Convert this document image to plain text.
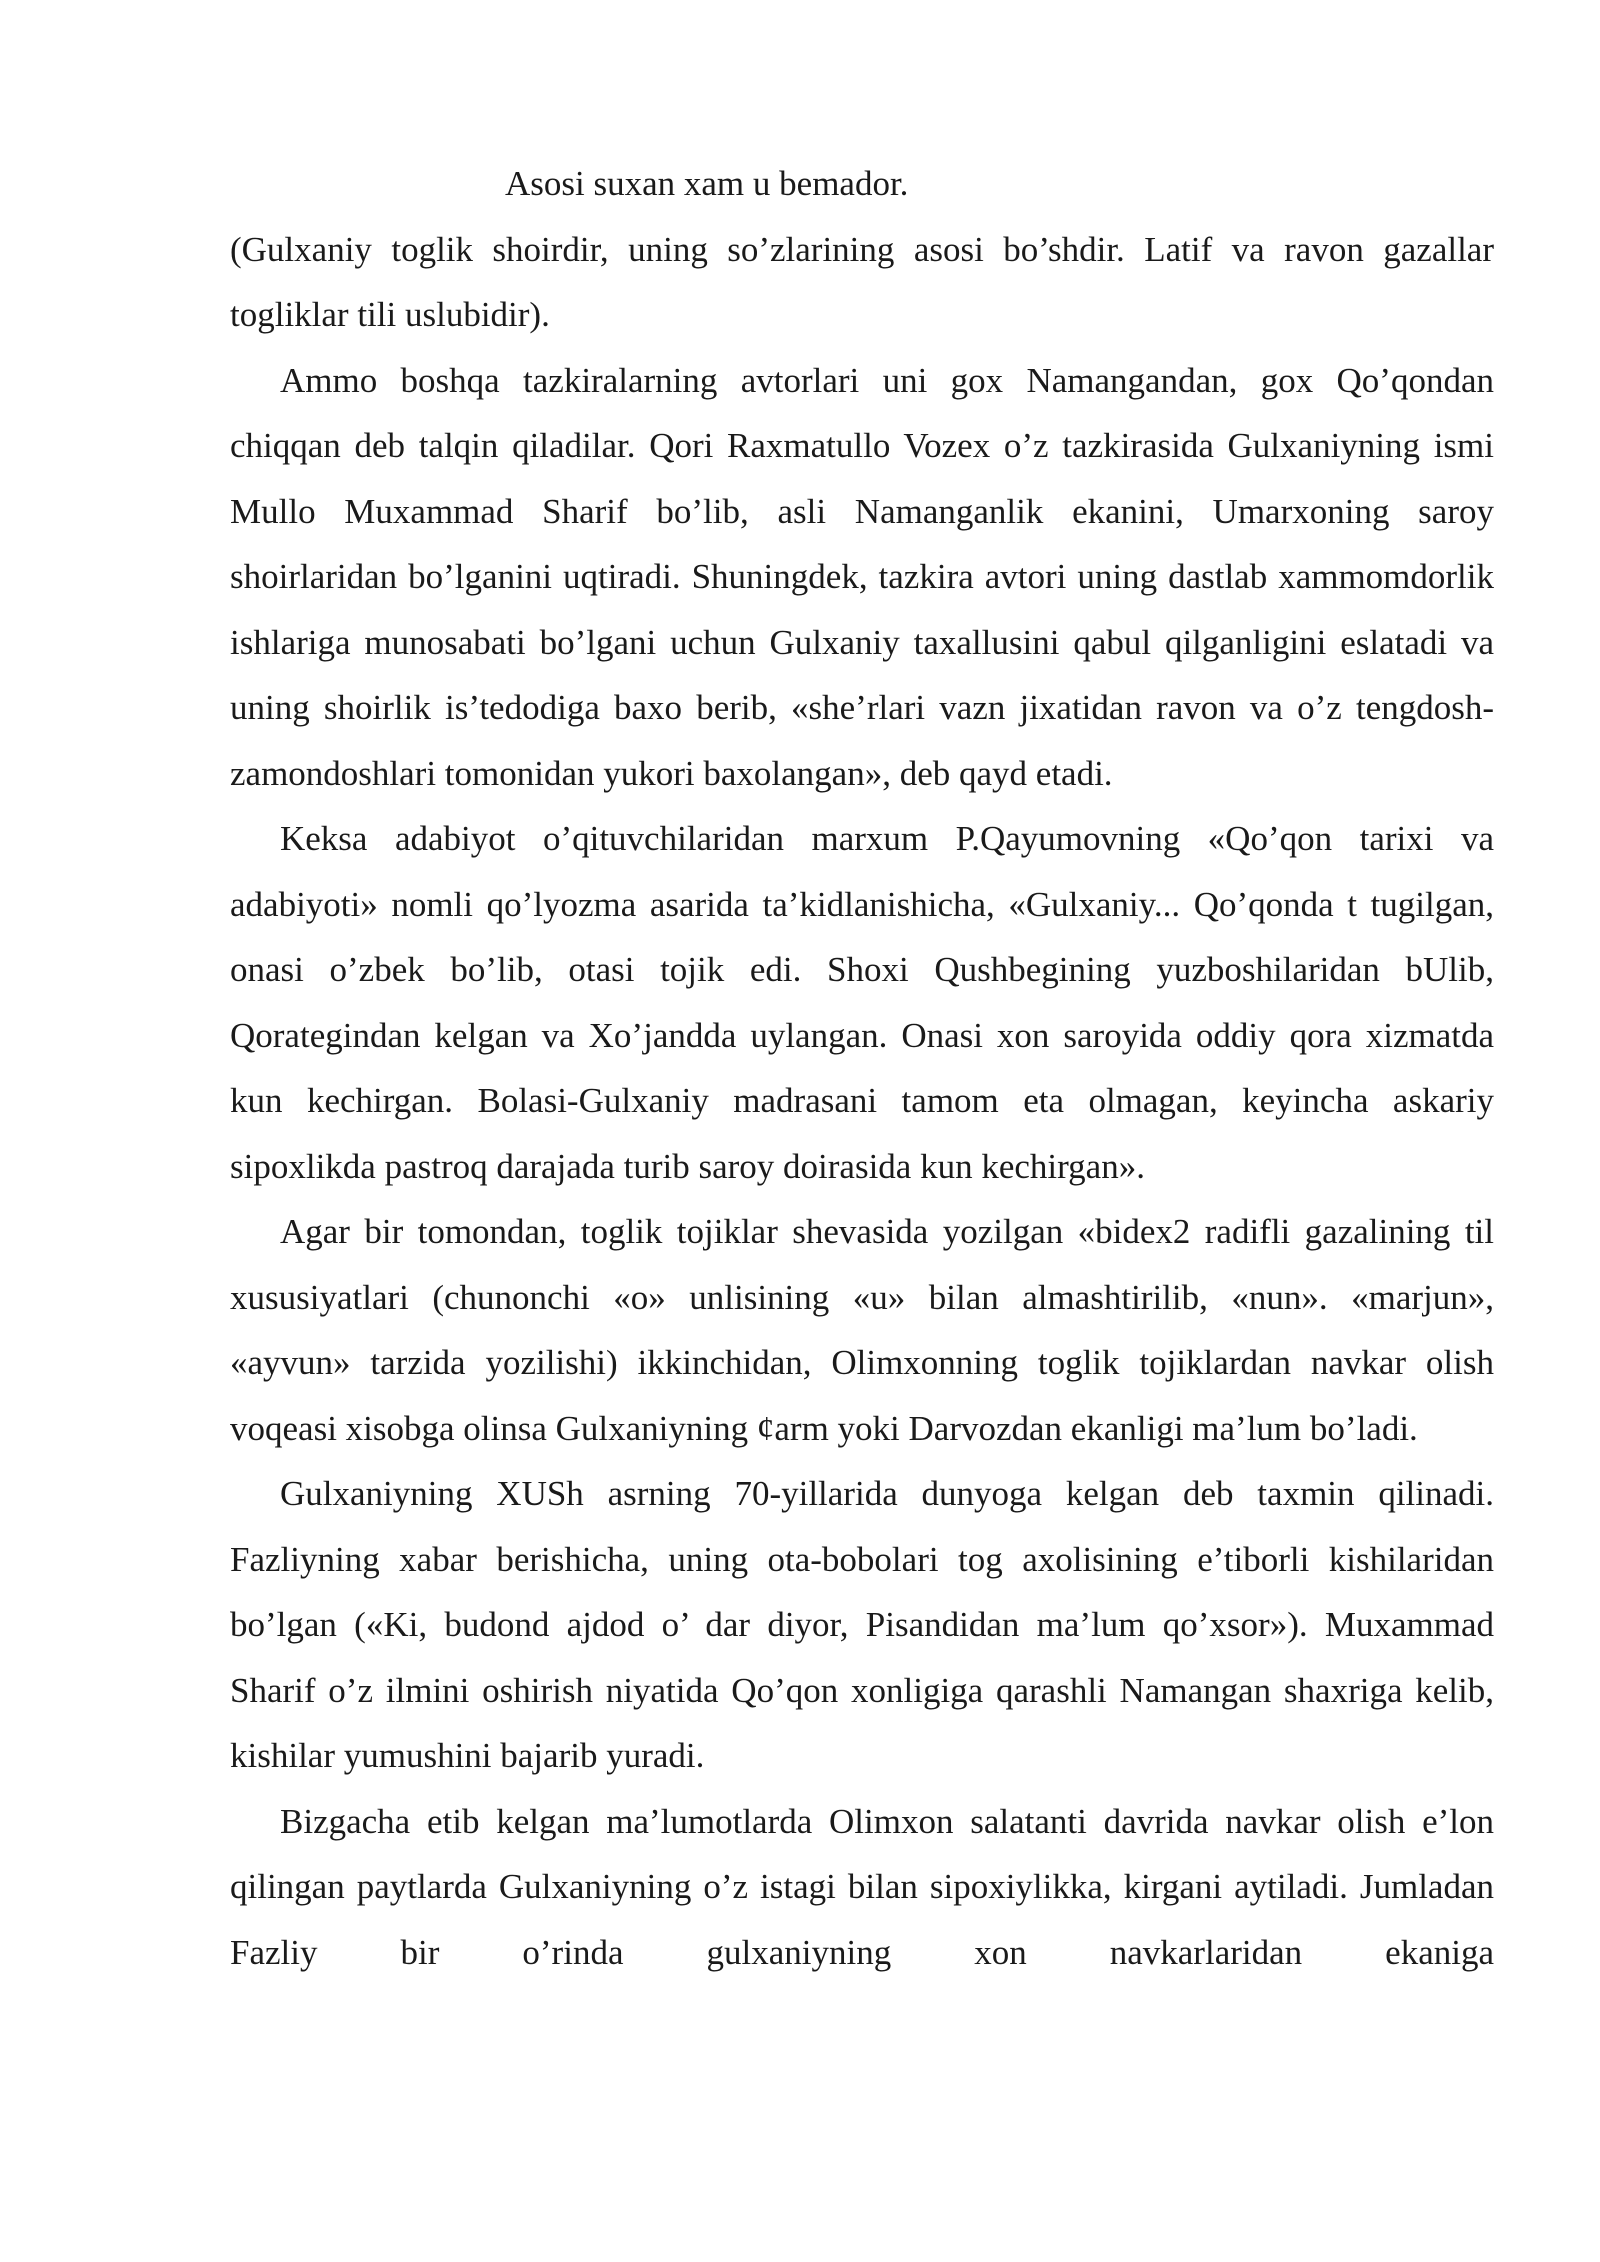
Asosi suxan xam u bemador.

(Gulxaniy toglik shoirdir, uning so’zlarining asosi bo’shdir. Latif va ravon gazallar togliklar tili uslubidir).

Ammo boshqa tazkiralarning avtorlari uni gox Namangandan, gox Qo’qondan chiqqan deb talqin qiladilar. Qori Raxmatullo Vozex o’z tazkirasida Gulxaniyning ismi Mullo Muxammad Sharif bo’lib, asli Namanganlik ekanini, Umarxoning saroy shoirlaridan bo’lganini uqtiradi. Shuningdek, tazkira avtori uning dastlab xammomdorlik ishlariga munosabati bo’lgani uchun Gulxaniy taxallusini qabul qilganligini eslatadi va uning shoirlik is’tedodiga baxo berib, «she’rlari vazn jixatidan ravon va o’z tengdosh-zamondoshlari tomonidan yukori baxolangan», deb qayd etadi.

Keksa adabiyot o’qituvchilaridan marxum P.Qayumovning «Qo’qon tarixi va adabiyoti» nomli qo’lyozma asarida ta’kidlanishicha, «Gulxaniy... Qo’qonda t tugilgan, onasi o’zbek bo’lib, otasi tojik edi. Shoxi Qushbegining yuzboshilaridan bUlib, Qorategindan kelgan va Xo’jandda uylangan. Onasi xon saroyida oddiy qora xizmatda kun kechirgan. Bolasi-Gulxaniy madrasani tamom eta olmagan, keyincha askariy sipoxlikda pastroq darajada turib saroy doirasida kun kechirgan».

Agar bir tomondan, toglik tojiklar shevasida yozilgan «bidex2 radifli gazalining til xususiyatlari (chunonchi «o» unlisining «u» bilan almashtirilib, «nun». «marjun», «ayvun» tarzida yozilishi) ikkinchidan, Olimxonning toglik tojiklardan navkar olish voqeasi xisobga olinsa Gulxaniyning ¢arm yoki Darvozdan ekanligi ma’lum bo’ladi.

Gulxaniyning XUSh asrning 70-yillarida dunyoga kelgan deb taxmin qilinadi. Fazliyning xabar berishicha, uning ota-bobolari tog axolisining e’tiborli kishilaridan bo’lgan («Ki, budond ajdod o’ dar diyor, Pisandidan ma’lum qo’xsor»). Muxammad Sharif o’z ilmini oshirish niyatida Qo’qon xonligiga qarashli Namangan shaxriga kelib, kishilar yumushini bajarib yuradi.

Bizgacha etib kelgan ma’lumotlarda Olimxon salatanti davrida navkar olish e’lon qilingan paytlarda Gulxaniyning o’z istagi bilan sipoxiylikka, kirgani aytiladi. Jumladan Fazliy bir o’rinda gulxaniyning xon navkarlaridan ekaniga
